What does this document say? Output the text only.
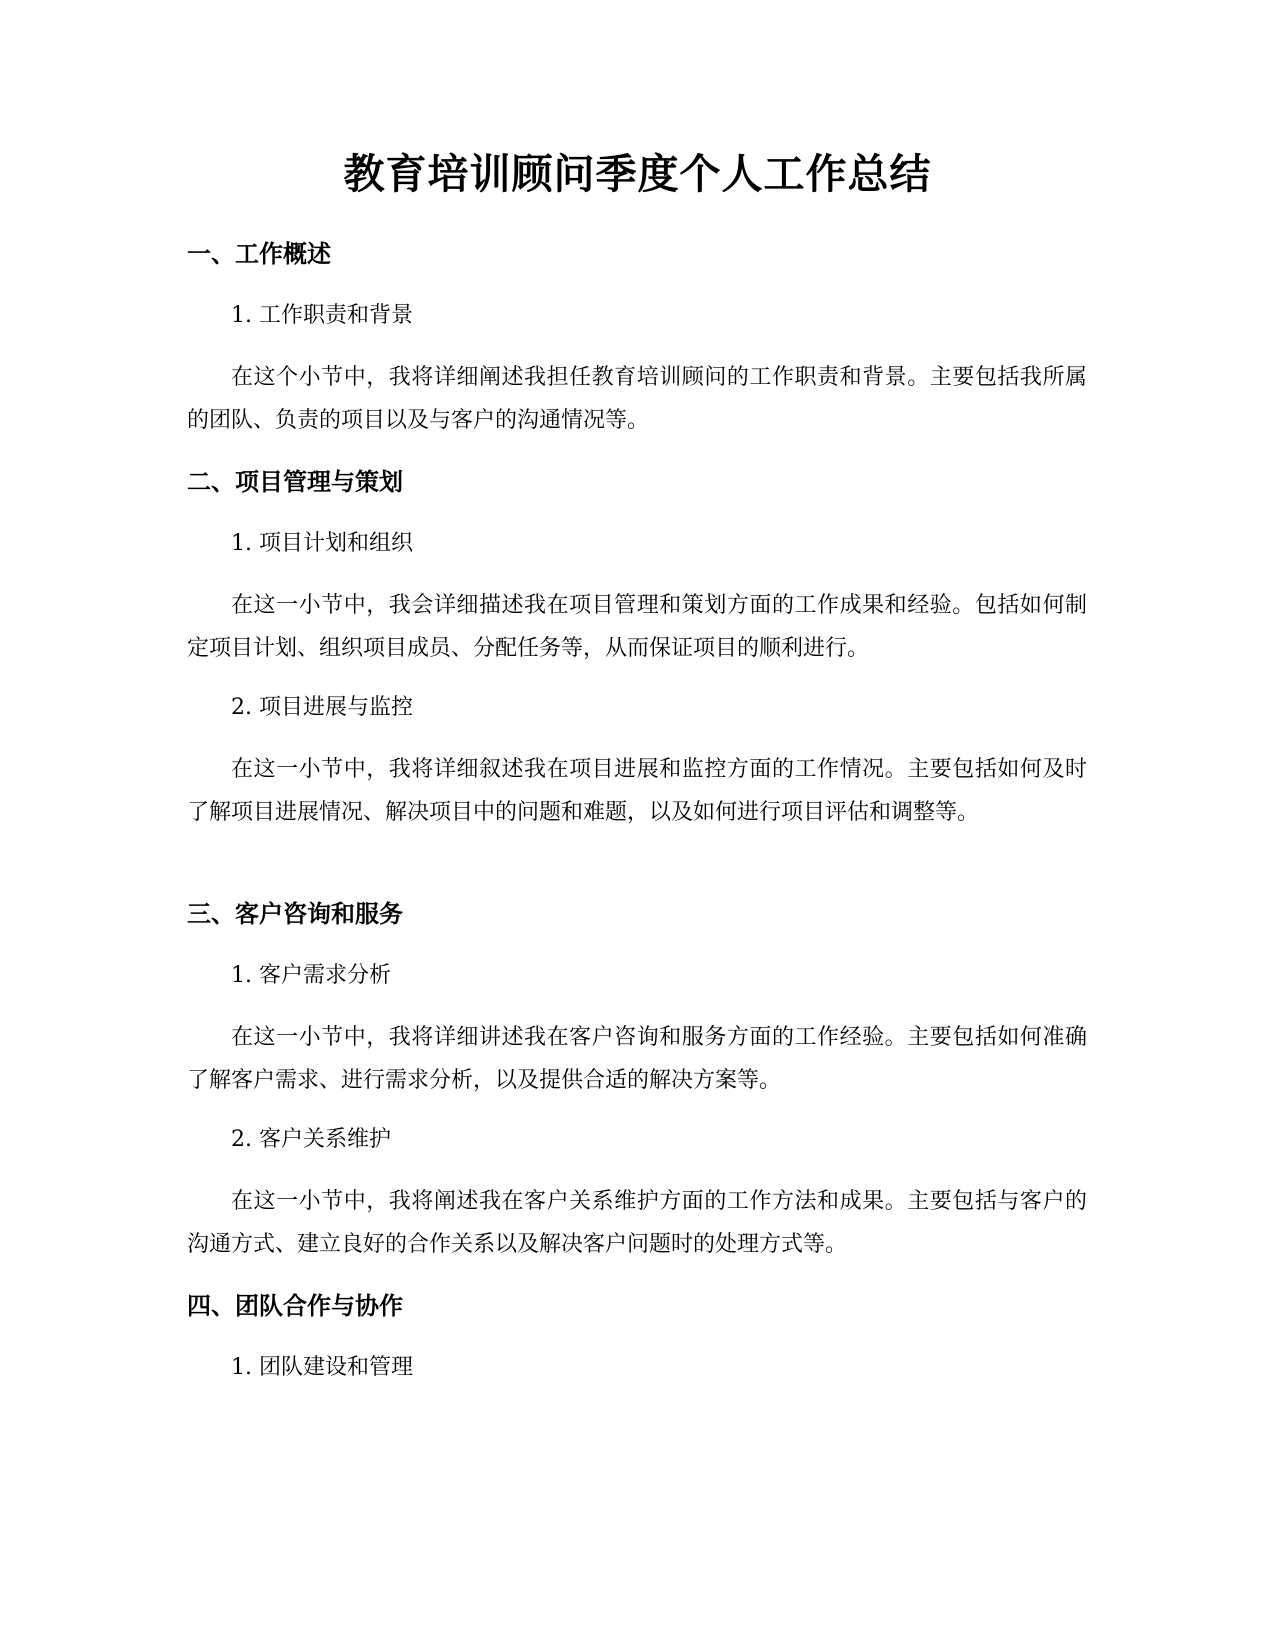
教育培训顾问季度个人工作总结
一、工作概述
1. 工作职责和背景
在这个小节中，我将详细阐述我担任教育培训顾问的工作职责和背景。主要包括我所属的团队、负责的项目以及与客户的沟通情况等。
二、项目管理与策划
1. 项目计划和组织
在这一小节中，我会详细描述我在项目管理和策划方面的工作成果和经验。包括如何制定项目计划、组织项目成员、分配任务等，从而保证项目的顺利进行。
2. 项目进展与监控
在这一小节中，我将详细叙述我在项目进展和监控方面的工作情况。主要包括如何及时了解项目进展情况、解决项目中的问题和难题，以及如何进行项目评估和调整等。
三、客户咨询和服务
1. 客户需求分析
在这一小节中，我将详细讲述我在客户咨询和服务方面的工作经验。主要包括如何准确了解客户需求、进行需求分析，以及提供合适的解决方案等。
2. 客户关系维护
在这一小节中，我将阐述我在客户关系维护方面的工作方法和成果。主要包括与客户的沟通方式、建立良好的合作关系以及解决客户问题时的处理方式等。
四、团队合作与协作
1. 团队建设和管理
